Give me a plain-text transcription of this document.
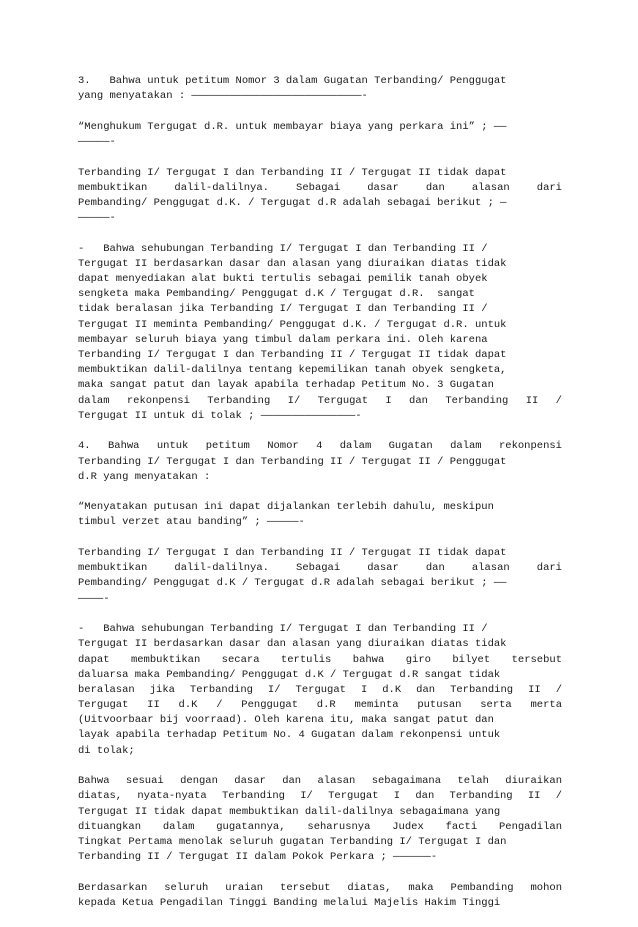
3.   Bahwa untuk petitum Nomor 3 dalam Gugatan Terbanding/ Penggugat
yang menyatakan : ———————————————————————————-
“Menghukum Tergugat d.R. untuk membayar biaya yang perkara ini” ; ——
—————-
Terbanding I/ Tergugat I dan Terbanding II / Tergugat II tidak dapat
membuktikan dalil-dalilnya. Sebagai dasar dan alasan dari
Pembanding/ Penggugat d.K. / Tergugat d.R adalah sebagai berikut ; —
—————-
-   Bahwa sehubungan Terbanding I/ Tergugat I dan Terbanding II /
Tergugat II berdasarkan dasar dan alasan yang diuraikan diatas tidak
dapat menyediakan alat bukti tertulis sebagai pemilik tanah obyek
sengketa maka Pembanding/ Penggugat d.K / Tergugat d.R.  sangat
tidak beralasan jika Terbanding I/ Tergugat I dan Terbanding II /
Tergugat II meminta Pembanding/ Penggugat d.K. / Tergugat d.R. untuk
membayar seluruh biaya yang timbul dalam perkara ini. Oleh karena
Terbanding I/ Tergugat I dan Terbanding II / Tergugat II tidak dapat
membuktikan dalil-dalilnya tentang kepemilikan tanah obyek sengketa,
maka sangat patut dan layak apabila terhadap Petitum No. 3 Gugatan
dalam rekonpensi Terbanding I/ Tergugat I dan Terbanding II /
Tergugat II untuk di tolak ; ———————————————-
4. Bahwa untuk petitum Nomor 4 dalam Gugatan dalam rekonpensi
Terbanding I/ Tergugat I dan Terbanding II / Tergugat II / Penggugat
d.R yang menyatakan :
“Menyatakan putusan ini dapat dijalankan terlebih dahulu, meskipun
timbul verzet atau banding” ; —————-
Terbanding I/ Tergugat I dan Terbanding II / Tergugat II tidak dapat
membuktikan dalil-dalilnya. Sebagai dasar dan alasan dari
Pembanding/ Penggugat d.K / Tergugat d.R adalah sebagai berikut ; ——
————-
-   Bahwa sehubungan Terbanding I/ Tergugat I dan Terbanding II /
Tergugat II berdasarkan dasar dan alasan yang diuraikan diatas tidak
dapat membuktikan secara tertulis bahwa giro bilyet tersebut
daluarsa maka Pembanding/ Penggugat d.K / Tergugat d.R sangat tidak
beralasan jika Terbanding I/ Tergugat I d.K dan Terbanding II /
Tergugat II d.K / Penggugat d.R meminta putusan serta merta
(Uitvoorbaar bij voorraad). Oleh karena itu, maka sangat patut dan
layak apabila terhadap Petitum No. 4 Gugatan dalam rekonpensi untuk
di tolak;
Bahwa sesuai dengan dasar dan alasan sebagaimana telah diuraikan
diatas, nyata-nyata Terbanding I/ Tergugat I dan Terbanding II /
Tergugat II tidak dapat membuktikan dalil-dalilnya sebagaimana yang
dituangkan dalam gugatannya, seharusnya Judex facti Pengadilan
Tingkat Pertama menolak seluruh gugatan Terbanding I/ Tergugat I dan
Terbanding II / Tergugat II dalam Pokok Perkara ; ——————-
Berdasarkan seluruh uraian tersebut diatas, maka Pembanding mohon
kepada Ketua Pengadilan Tinggi Banding melalui Majelis Hakim Tinggi
